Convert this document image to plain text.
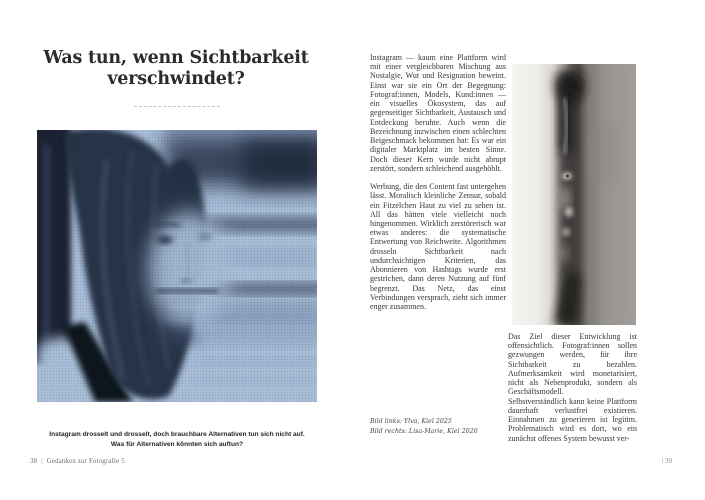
Was tun, wenn Sichtbarkeit
verschwindet?
Instagram drosselt und drosselt, doch brauchbare Alternativen tun sich nicht auf.
Was für Alternativen könnten sich auftun?
38 | Gedanken zur Fotografie 5

Instagram — kaum eine Plattform wird mit einer vergleichbaren Mischung aus Nostalgie, Wut und Resignation beweint. Einst war sie ein Ort der Begegnung: Fotograf:innen, Models, Kund:innen — ein visuelles Ökosystem, das auf gegenseitiger Sichtbarkeit, Austausch und Entdeckung beruhte. Auch wenn die Bezeichnung inzwischen einen schlechten Beigeschmack bekommen hat: Es war ein digitaler Marktplatz im besten Sinne. Doch dieser Kern wurde nicht abrupt zerstört, sondern schleichend ausgehöhlt.

Werbung, die den Content fast untergehen lässt. Moralisch kleinliche Zensur, sobald ein Fitzelchen Haut zu viel zu sehen ist. All das hätten viele vielleicht noch hingenommen. Wirklich zerstörerisch war etwas anderes: die systematische Entwertung von Reichweite. Algorithmen drosseln Sichtbarkeit nach undurchsichtigen Kriterien, das Abonnieren von Hashtags wurde erst gestrichen, dann deren Nutzung auf fünf begrenzt. Das Netz, das einst Verbindungen versprach, zieht sich immer enger zusammen.

Das Ziel dieser Entwicklung ist offensichtlich. Fotograf:innen sollen gezwungen werden, für ihre Sichtbarkeit zu bezahlen. Aufmerksamkeit wird monetarisiert, nicht als Nebenprodukt, sondern als Geschäftsmodell.

Selbstverständlich kann keine Plattform dauerhaft verlustfrei existieren. Einnahmen zu generieren ist legitim. Problematisch wird es dort, wo ein zunächst offenes System bewusst ver-

Bild links: Ylva, Kiel 2025
Bild rechts: Lisa-Marie, Kiel 2020
| 39
